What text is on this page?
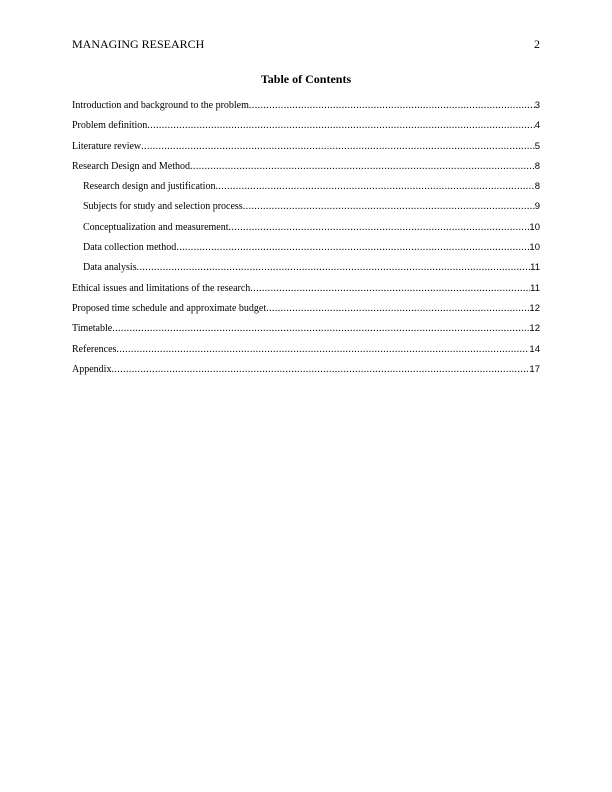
MANAGING RESEARCH	2
Table of Contents
Introduction and background to the problem .....	3
Problem definition .....	4
Literature review .....	5
Research Design and Method .....	8
Research design and justification .....	8
Subjects for study and selection process .....	9
Conceptualization and measurement .....	10
Data collection method .....	10
Data analysis .....	11
Ethical issues and limitations of the research .....	11
Proposed time schedule and approximate budget .....	12
Timetable .....	12
References .....	14
Appendix .....	17
